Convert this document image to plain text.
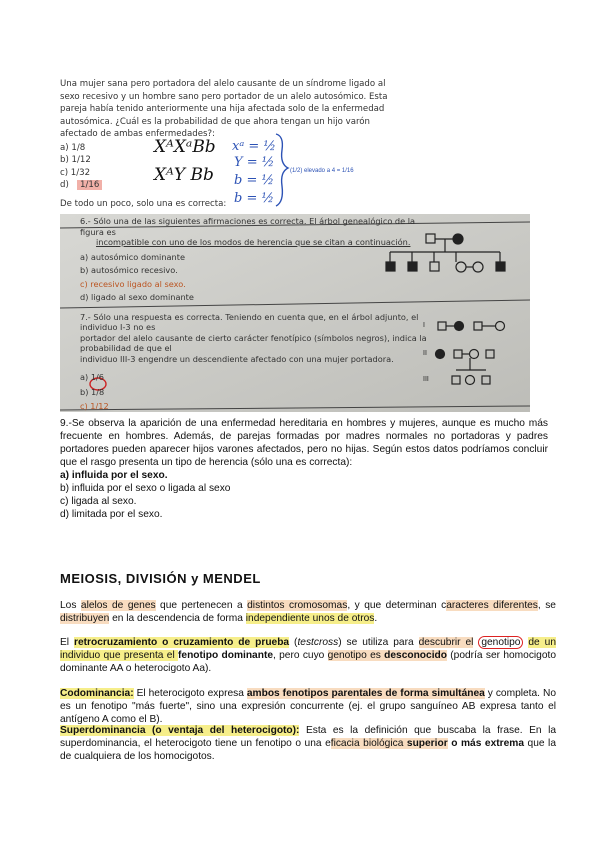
Una mujer sana pero portadora del alelo causante de un síndrome ligado al sexo recesivo y un hombre sano pero portador de un alelo autosómico. Esta pareja había tenido anteriormente una hija afectada solo de la enfermedad autosómica. ¿Cuál es la probabilidad de que ahora tengan un hijo varón afectado de ambas enfermedades?:
a) 1/8
b) 1/12
c) 1/32
d) 1/16
De todo un poco, solo una es correcta:
XᴬXᵃBb
XᴬY Bb
xᵃ = ½
Y = ½
b = ½
b = ½
(1/2) elevado a 4 = 1/16
6.- Sólo una de las siguientes afirmaciones es correcta. El árbol genealógico de la figura es
incompatible con uno de los modos de herencia que se citan a continuación.
a) autosómico dominante
b) autosómico recesivo.
c) recesivo ligado al sexo.
d) ligado al sexo dominante
7.- Sólo una respuesta es correcta. Teniendo en cuenta que, en el árbol adjunto, el individuo I-3 no es
portador del alelo causante de cierto carácter fenotípico (símbolos negros), indica la probabilidad de que el
individuo III-3 engendre un descendiente afectado con una mujer portadora.
a) 1/6
b) 1/8
c) 1/12
I
II
III
9.-Se observa la aparición de una enfermedad hereditaria en hombres y mujeres, aunque es mucho más frecuente en hombres. Además, de parejas formadas por madres normales no portadoras y padres portadores pueden aparecer hijos varones afectados, pero no hijas. Según estos datos podríamos concluir que el rasgo presenta un tipo de herencia (sólo una es correcta):
a) influida por el sexo.
b) influida por el sexo o ligada al sexo
c) ligada al sexo.
d) limitada por el sexo.
MEIOSIS, DIVISIÓN y MENDEL
Los alelos de genes que pertenecen a distintos cromosomas, y que determinan caracteres diferentes, se distribuyen en la descendencia de forma independiente unos de otros.
El retrocruzamiento o cruzamiento de prueba (testcross) se utiliza para descubrir el genotipo de un individuo que presenta el fenotipo dominante, pero cuyo genotipo es desconocido (podría ser homocigoto dominante AA o heterocigoto Aa).
Codominancia: El heterocigoto expresa ambos fenotipos parentales de forma simultánea y completa. No es un fenotipo "más fuerte", sino una expresión concurrente (ej. el grupo sanguíneo AB expresa tanto el antígeno A como el B).
Superdominancia (o ventaja del heterocigoto): Esta es la definición que buscaba la frase. En la superdominancia, el heterocigoto tiene un fenotipo o una eficacia biológica superior o más extrema que la de cualquiera de los homocigotos.
